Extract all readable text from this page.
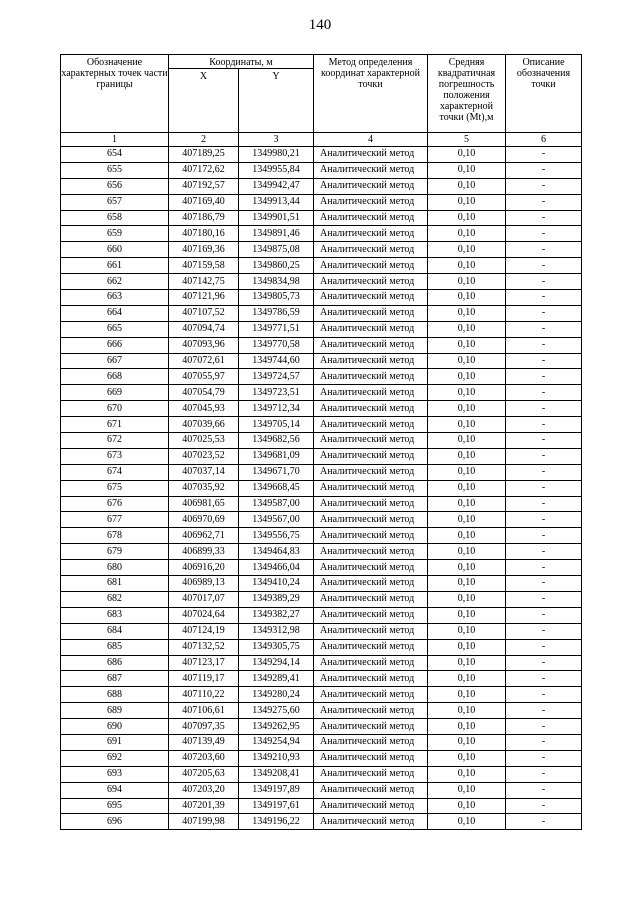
140
Обозначение характерных точек части границы	Координаты, м		Метод определения координат характерной точки	Средняя квадратичная погрешность положения характерной точки (Mt),м	Описание обозначения точки
	X	Y			
1	2	3	4	5	6
654	407189,25	1349980,21	Аналитический метод	0,10	-
655	407172,62	1349955,84	Аналитический метод	0,10	-
656	407192,57	1349942,47	Аналитический метод	0,10	-
657	407169,40	1349913,44	Аналитический метод	0,10	-
658	407186,79	1349901,51	Аналитический метод	0,10	-
659	407180,16	1349891,46	Аналитический метод	0,10	-
660	407169,36	1349875,08	Аналитический метод	0,10	-
661	407159,58	1349860,25	Аналитический метод	0,10	-
662	407142,75	1349834,98	Аналитический метод	0,10	-
663	407121,96	1349805,73	Аналитический метод	0,10	-
664	407107,52	1349786,59	Аналитический метод	0,10	-
665	407094,74	1349771,51	Аналитический метод	0,10	-
666	407093,96	1349770,58	Аналитический метод	0,10	-
667	407072,61	1349744,60	Аналитический метод	0,10	-
668	407055,97	1349724,57	Аналитический метод	0,10	-
669	407054,79	1349723,51	Аналитический метод	0,10	-
670	407045,93	1349712,34	Аналитический метод	0,10	-
671	407039,66	1349705,14	Аналитический метод	0,10	-
672	407025,53	1349682,56	Аналитический метод	0,10	-
673	407023,52	1349681,09	Аналитический метод	0,10	-
674	407037,14	1349671,70	Аналитический метод	0,10	-
675	407035,92	1349668,45	Аналитический метод	0,10	-
676	406981,65	1349587,00	Аналитический метод	0,10	-
677	406970,69	1349567,00	Аналитический метод	0,10	-
678	406962,71	1349556,75	Аналитический метод	0,10	-
679	406899,33	1349464,83	Аналитический метод	0,10	-
680	406916,20	1349466,04	Аналитический метод	0,10	-
681	406989,13	1349410,24	Аналитический метод	0,10	-
682	407017,07	1349389,29	Аналитический метод	0,10	-
683	407024,64	1349382,27	Аналитический метод	0,10	-
684	407124,19	1349312,98	Аналитический метод	0,10	-
685	407132,52	1349305,75	Аналитический метод	0,10	-
686	407123,17	1349294,14	Аналитический метод	0,10	-
687	407119,17	1349289,41	Аналитический метод	0,10	-
688	407110,22	1349280,24	Аналитический метод	0,10	-
689	407106,61	1349275,60	Аналитический метод	0,10	-
690	407097,35	1349262,95	Аналитический метод	0,10	-
691	407139,49	1349254,94	Аналитический метод	0,10	-
692	407203,60	1349210,93	Аналитический метод	0,10	-
693	407205,63	1349208,41	Аналитический метод	0,10	-
694	407203,20	1349197,89	Аналитический метод	0,10	-
695	407201,39	1349197,61	Аналитический метод	0,10	-
696	407199,98	1349196,22	Аналитический метод	0,10	-
